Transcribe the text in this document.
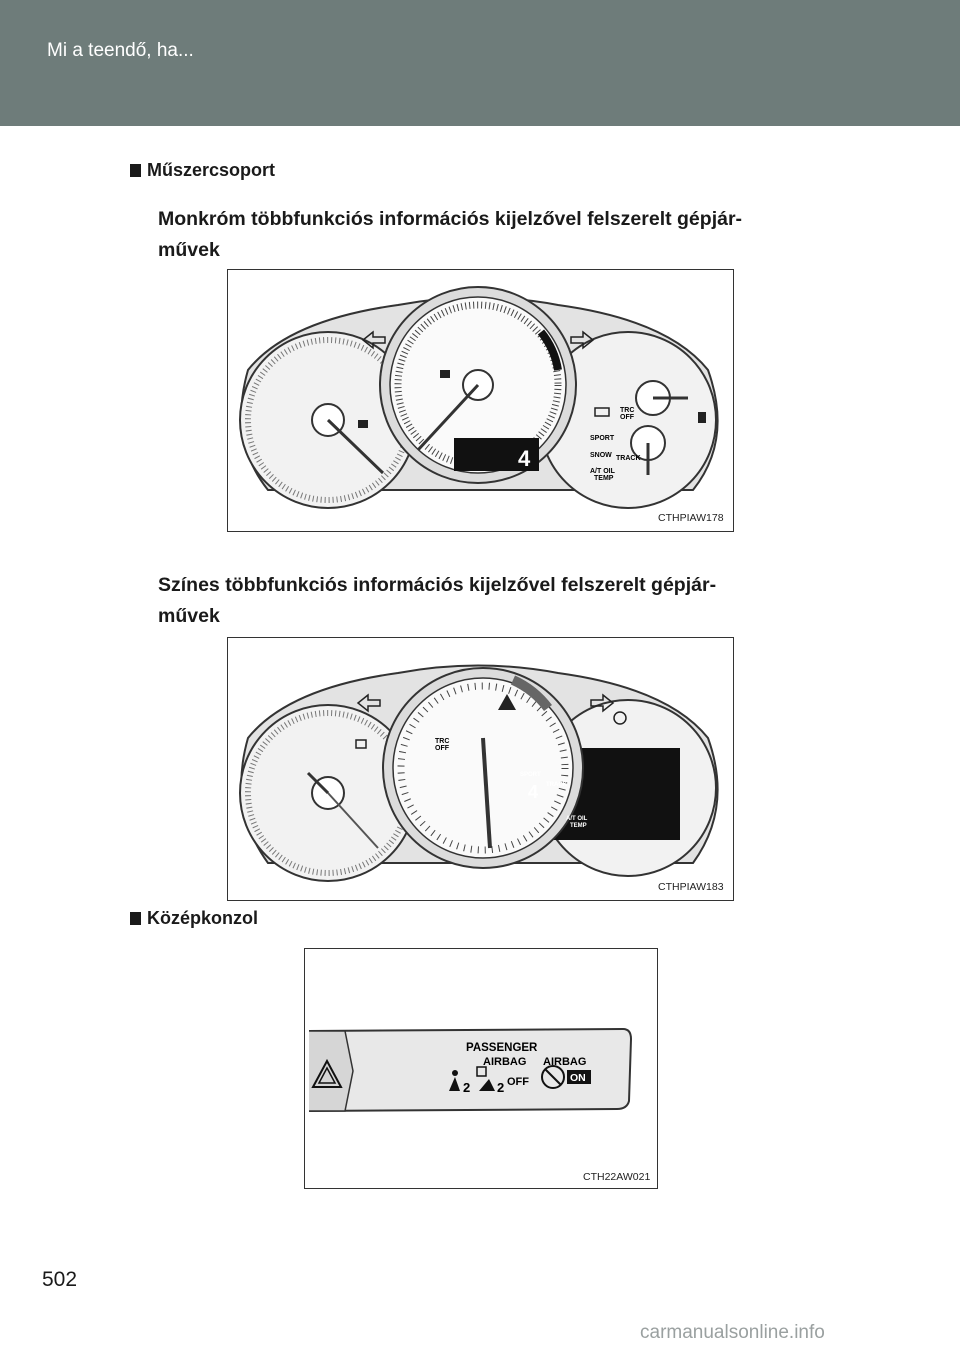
Mi a teendő, ha...
Műszercsoport
Monkróm többfunkciós információs kijelzővel felszerelt gépjár-
művek
4
TRC
OFF
SPORT
SNOW TRACK
A/T OIL
TEMP
CTHPIAW178
Színes többfunkciós információs kijelzővel felszerelt gépjár-
művek
SPORT
4 TRACK
A/T OIL
TEMP
TRC
OFF
CTHPIAW183
Középkonzol
PASSENGER
AIRBAG AIRBAG
2 2 OFF	ON
CTH22AW021
502
carmanualsonline.info
